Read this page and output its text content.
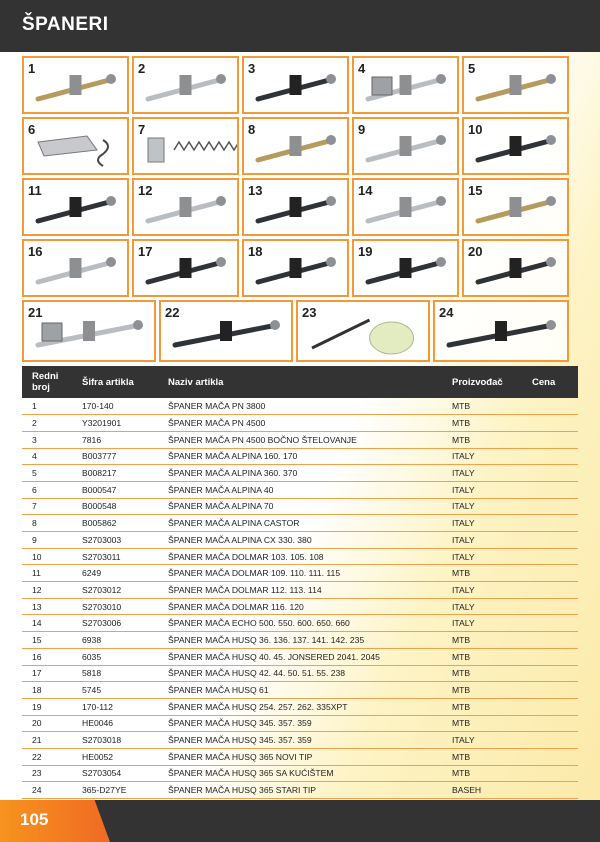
ŠPANERI
1	2	3	4	5
6	7	8	9	10
11	12	13	14	15
16	17	18	19	20
21	22	23	24
Redni broj	Šifra artikla	Naziv artikla	Proizvođač	Cena
1	170-140	ŠPANER MAČA PN 3800	MTB	
2	Y3201901	ŠPANER MAČA PN 4500	MTB	
3	7816	ŠPANER MAČA PN 4500 BOČNO ŠTELOVANJE	MTB	
4	B003777	ŠPANER MAČA ALPINA 160. 170	ITALY	
5	B008217	ŠPANER MAČA ALPINA 360. 370	ITALY	
6	B000547	ŠPANER MAČA ALPINA 40	ITALY	
7	B000548	ŠPANER MAČA ALPINA 70	ITALY	
8	B005862	ŠPANER MAČA ALPINA CASTOR	ITALY	
9	S2703003	ŠPANER MAČA ALPINA CX 330. 380	ITALY	
10	S2703011	ŠPANER MAČA DOLMAR 103. 105. 108	ITALY	
11	6249	ŠPANER MAČA DOLMAR 109. 110. 111. 115	MTB	
12	S2703012	ŠPANER MAČA DOLMAR 112. 113. 114	ITALY	
13	S2703010	ŠPANER MAČA DOLMAR 116. 120	ITALY	
14	S2703006	ŠPANER MAČA ECHO 500. 550. 600. 650. 660	ITALY	
15	6938	ŠPANER MAČA HUSQ 36. 136. 137. 141. 142. 235	MTB	
16	6035	ŠPANER MAČA HUSQ 40. 45. JONSERED 2041. 2045	MTB	
17	5818	ŠPANER MAČA HUSQ 42. 44. 50. 51. 55. 238	MTB	
18	5745	ŠPANER MAČA HUSQ 61	MTB	
19	170-112	ŠPANER MAČA HUSQ 254. 257. 262. 335XPT	MTB	
20	HE0046	ŠPANER MAČA HUSQ 345. 357. 359	MTB	
21	S2703018	ŠPANER MAČA HUSQ 345. 357. 359	ITALY	
22	HE0052	ŠPANER MAČA HUSQ 365 NOVI TIP	MTB	
23	S2703054	ŠPANER MAČA HUSQ 365 SA KUĆIŠTEM	MTB	
24	365-D27YE	ŠPANER MAČA HUSQ 365 STARI TIP	BASEH	
105
